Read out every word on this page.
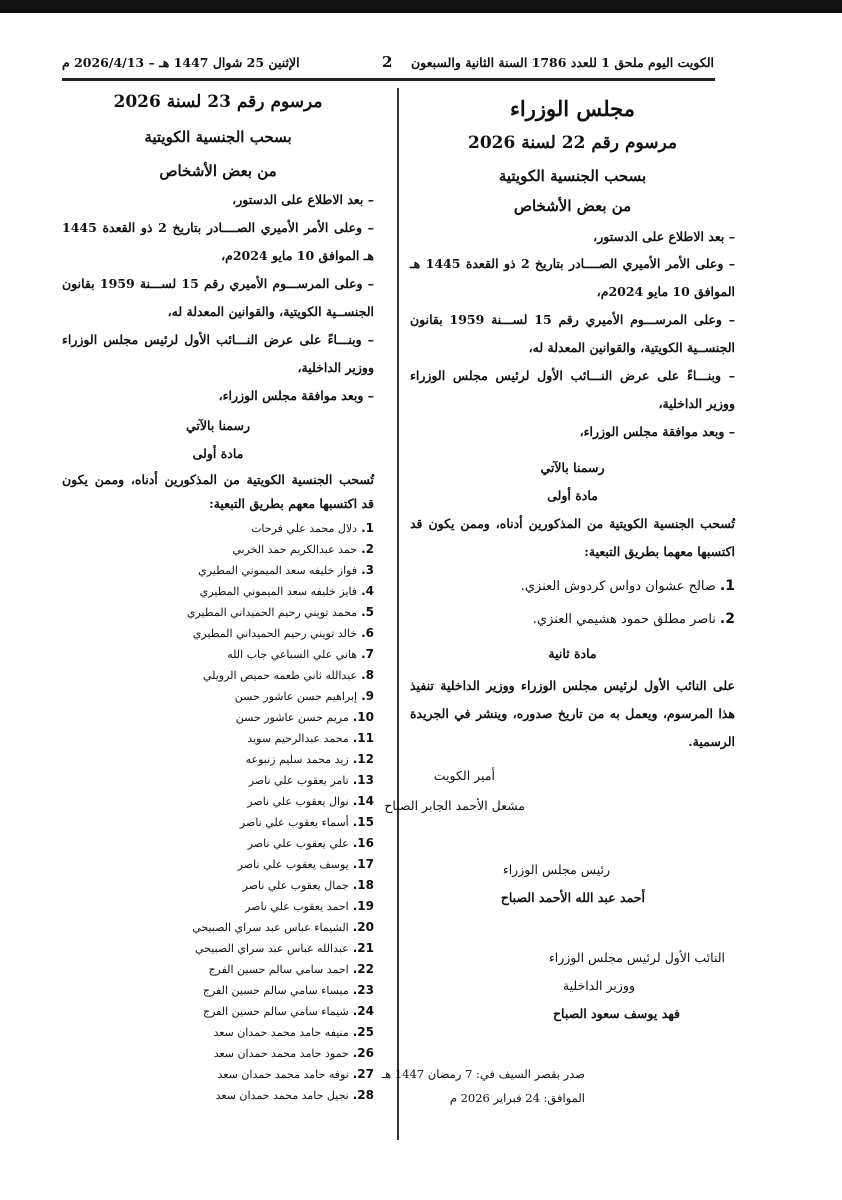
الكويت اليوم ملحق 1 للعدد 1786 السنة الثانية والسبعون
2
الإثنين 25 شوال 1447 هـ – 2026/4/13 م
مجلس الوزراء
مرسوم رقم 22 لسنة 2026
بسحب الجنسية الكويتية
من بعض الأشخاص

– بعد الاطلاع على الدستور،

– وعلى الأمر الأميري الصــــادر بتاريخ 2 ذو القعدة 1445 هـ الموافق 10 مايو 2024م،

– وعلى المرســـوم الأميري رقم 15 لســـنة 1959 بقانون الجنســية الكويتية، والقوانين المعدلة له،

– وبنـــاءً على عرض النـــائب الأول لرئيس مجلس الوزراء ووزير الداخلية،

– وبعد موافقة مجلس الوزراء،

رسمنا بالآتي

مادة أولى

تُسحب الجنسية الكويتية من المذكورين أدناه، وممن يكون قد اكتسبها معهما بطريق التبعية:

1.صالح عشوان دواس كردوش العنزي.
2.ناصر مطلق حمود هشيمي العنزي.

مادة ثانية

على النائب الأول لرئيس مجلس الوزراء ووزير الداخلية تنفيذ هذا المرسوم، ويعمل به من تاريخ صدوره، وينشر في الجريدة الرسمية.

أمير الكويت

مشعل الأحمد الجابر الصباح

رئيس مجلس الوزراء

أحمد عبد الله الأحمد الصباح

النائب الأول لرئيس مجلس الوزراء

ووزير الداخلية

فهد يوسف سعود الصباح

صدر بقصر السيف في: 7 رمضان 1447 هـ

الموافق: 24 فبراير 2026 م

مرسوم رقم 23 لسنة 2026
بسحب الجنسية الكويتية
من بعض الأشخاص

– بعد الاطلاع على الدستور،

– وعلى الأمر الأميري الصــــادر بتاريخ 2 ذو القعدة 1445 هـ الموافق 10 مايو 2024م،

– وعلى المرســـوم الأميري رقم 15 لســـنة 1959 بقانون الجنســية الكويتية، والقوانين المعدلة له،

– وبنـــاءً على عرض النـــائب الأول لرئيس مجلس الوزراء ووزير الداخلية،

– وبعد موافقة مجلس الوزراء،

رسمنا بالآتي

مادة أولى

تُسحب الجنسية الكويتية من المذكورين أدناه، وممن يكون قد اكتسبها معهم بطريق التبعية:

1.دلال محمد علي فرحات
2.حمد عبدالكريم حمد الخربي
3.فواز خليفه سعد الميموني المطيري
4.فايز خليفه سعد الميموني المطيري
5.محمد تويني رحيم الحميداني المطيري
6.خالد تويني رحيم الحميداني المطيري
7.هاني علي السباعي جاب الله
8.عبدالله ثاني طعمه حميص الرويلي
9.إبراهيم حسن عاشور حسن
10.مريم حسن عاشور حسن
11.محمد عبدالرحيم سويد
12.زيد محمد سليم زنبوعه
13.تامر يعقوب علي ناصر
14.نوال يعقوب علي ناصر
15.أسماء يعقوب علي ناصر
16.علي يعقوب علي ناصر
17.يوسف يعقوب علي ناصر
18.جمال يعقوب علي ناصر
19.احمد يعقوب علي ناصر
20.الشيماء عباس عبد سراي الصبيحي
21.عبدالله عباس عبد سراي الصبيحي
22.احمد سامي سالم حسين الفرج
23.ميساء سامي سالم حسين الفرج
24.شيماء سامي سالم حسين الفرج
25.منيفه حامد محمد حمدان سعد
26.حمود حامد محمد حمدان سعد
27.نوفه حامد محمد حمدان سعد
28.نجيل حامد محمد حمدان سعد
